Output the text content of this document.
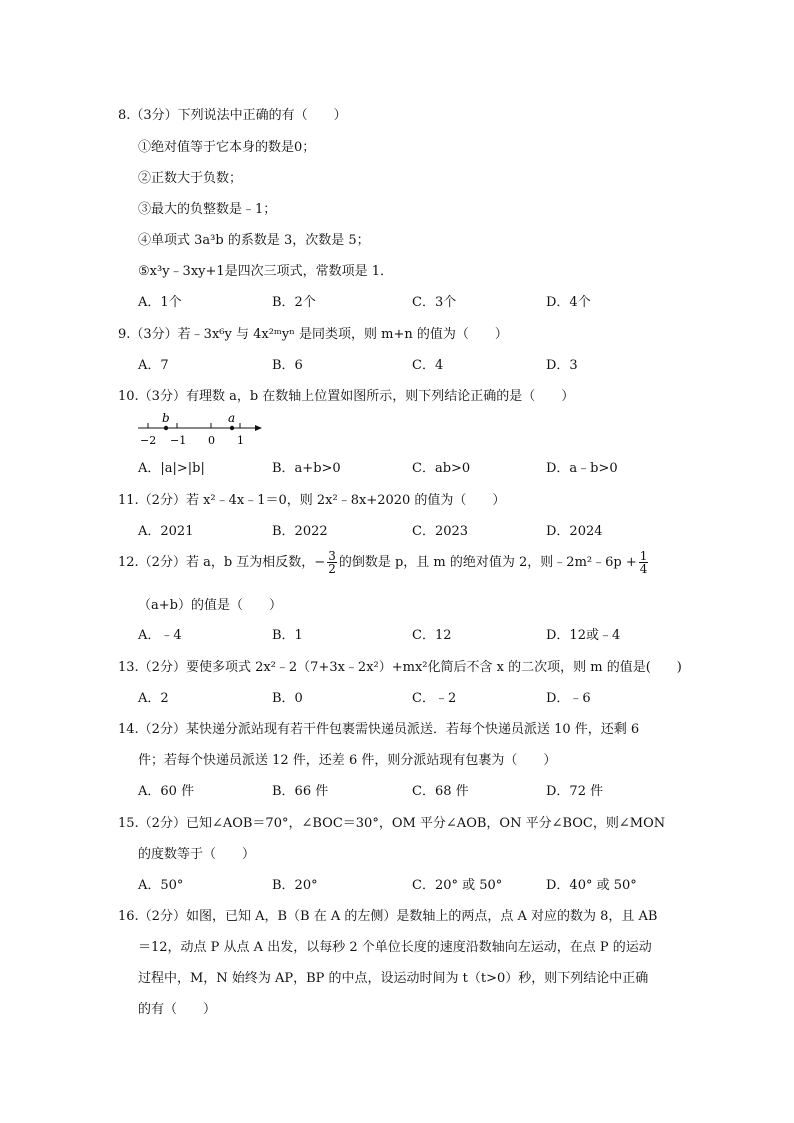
8.（3分）下列说法中正确的有（　　）
①绝对值等于它本身的数是0；
②正数大于负数；
③最大的负整数是﹣1；
④单项式 3a³b 的系数是 3，次数是 5；
⑤x³y﹣3xy+1是四次三项式，常数项是 1．
A．1个	B．2个	C．3个	D．4个
9.（3分）若﹣3x⁶y 与 4x²ᵐyⁿ 是同类项，则 m+n 的值为（　　）
A．7	B．6	C．4	D．3
10.（3分）有理数 a，b 在数轴上位置如图所示，则下列结论正确的是（　　）
b	a
−2 −1 0 1
A．|a|>|b|	B．a+b>0	C．ab>0	D．a﹣b>0
11.（2分）若 x²﹣4x﹣1＝0，则 2x²﹣8x+2020 的值为（　　）
A．2021	B．2022	C．2023	D．2024
12.（2分）若 a，b 互为相反数，− $\frac{3}{2}$ 的倒数是 p，且 m 的绝对值为 2，则﹣2m²﹣6p + $\frac{1}{4}$
（a+b）的值是（　　）
A．﹣4	B．1	C．12	D．12或﹣4
13.（2分）要使多项式 2x²﹣2（7+3x﹣2x²）+mx²化简后不含 x 的二次项，则 m 的值是(　　)
A．2	B．0	C．﹣2	D．﹣6
14.（2分）某快递分派站现有若干件包裹需快递员派送．若每个快递员派送 10 件，还剩 6
件；若每个快递员派送 12 件，还差 6 件，则分派站现有包裹为（　　）
A．60 件	B．66 件	C．68 件	D．72 件
15.（2分）已知∠AOB＝70°，∠BOC＝30°，OM 平分∠AOB，ON 平分∠BOC，则∠MON
的度数等于（　　）
A．50°	B．20°	C．20° 或 50°	D．40° 或 50°
16.（2分）如图，已知 A，B（B 在 A 的左侧）是数轴上的两点，点 A 对应的数为 8，且 AB
＝12，动点 P 从点 A 出发，以每秒 2 个单位长度的速度沿数轴向左运动，在点 P 的运动
过程中，M，N 始终为 AP，BP 的中点，设运动时间为 t（t>0）秒，则下列结论中正确
的有（　　）
